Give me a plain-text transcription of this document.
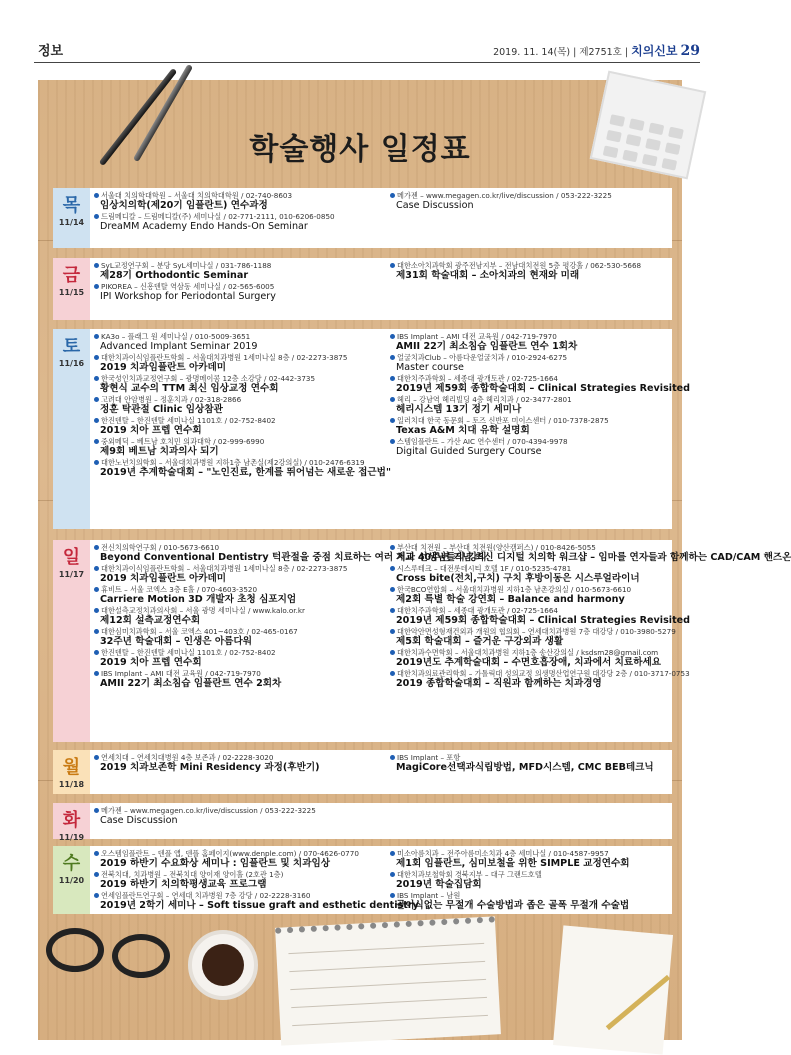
정보	2019. 11. 14(목) | 제2751호 | 치의신보 29
학술행사 일정표
목
11/14
서울대 치의학대학원 – 서울대 치의학대학원 / 02-740-8603
임상치의학(제20기 임플란트) 연수과정
드림메디칼 – 드림메디칼(주) 세미나실 / 02-771-2111, 010-6206-0850
DreaMM Academy Endo Hands-On Seminar
메가젠 – www.megagen.co.kr/live/discussion / 053-222-3225
Case Discussion
금
11/15
SyL교정연구회 – 분당 SyL세미나실 / 031-786-1188
제28기 Orthodontic Seminar
PIKOREA – 신흥덴탈 역삼동 세미나실 / 02-565-6005
IPI Workshop for Periodontal Surgery
대한소아치과학회 광주전남지부 – 전남대치전원 5층 평강홀 / 062-530-5668
제31회 학술대회 – 소아치과의 현재와 미래
토
11/16
KA3o – 플래그 원 세미나실 / 010-5009-3651
Advanced Implant Seminar 2019
대한치과이식임플란트학회 – 서울대치과병원 1세미나실 8층 / 02-2273-3875
2019 치과임플란트 아카데미
한국성인치과교정연구회 – 광명메이콤 12층 소강당 / 02-442-3735
황현식 교수의 TTM 최신 임상교정 연수회
고려대 안암병원 – 정훈치과 / 02-318-2866
정훈 탁관절 Clinic 임상참관
한진덴탈 – 한진덴탈 세미나실 1101호 / 02-752-8402
2019 치아 프렙 연수회
중외메딕 – 베트남 호치민 의과대학 / 02-999-6990
제9회 베트남 치과의사 되기
대한노년치의학회 – 서울대치과병원 지하1층 남촌실(제2강의실) / 010-2476-6319
2019년 추계학술대회 – "노인진료, 한계를 뛰어넘는 새로운 접근법"
IBS Implant – AMI 대전 교육원 / 042-719-7970
AMII 22기 최소침습 임플란트 연수 1회차
얼굴치과Club – 아름다운얼굴치과 / 010-2924-6275
Master course
대한치주과학회 – 세종대 광개토관 / 02-725-1664
2019년 제59회 종합학술대회 – Clinical Strategies Revisited
헤리 – 강남역 헤리빌딩 4층 헤리치과 / 02-3477-2801
헤리시스템 13기 정기 세미나
일러치대 한국 동문회 – 토즈 신반포 미이스센터 / 010-7378-2875
Texas A&M 치대 유학 설명회
스템임플란트 – 가산 AIC 연수센터 / 070-4394-9978
Digital Guided Surgery Course
일
11/17
전신치의학연구회 / 010-5673-6610
Beyond Conventional Dentistry 턱관절을 중점 치료하는 여러 치과 선생님들의 강의
대한치과이식임플란트학회 – 서울대치과병원 1세미나실 8층 / 02-2273-3875
2019 치과임플란트 아카데미
휴비트 – 서울 코엑스 3층 E홀 / 070-4603-3520
Carriere Motion 3D 개발자 초청 심포지엄
대한설측교정치과의사회 – 서울 광명 세미나실 / www.kalo.or.kr
제12회 설측교정연수회
대한심미치과학회 – 서울 코엑스 401~403호 / 02-465-0167
32주년 학술대회 – 인생은 아름다워
한진덴탈 – 한진덴탈 세미나실 1101호 / 02-752-8402
2019 치아 프렙 연수회
IBS Implant – AMI 대전 교육원 / 042-719-7970
AMII 22기 최소침습 임플란트 연수 2회차
부산대 치전원 – 부산대 치전원(양산캠퍼스) / 010-8426-5055
개교 40주년 기념 최신 디지털 치의학 워크샵 – 임마를 연자들과 함께하는 CAD/CAM 핸즈온
시스루테크 – 대전롯데시티 호텔 1F / 010-5235-4781
Cross bite(전치,구치) 구치 후방이동은 시스루얼라이너
한국BCO연합회 – 서울대치과병원 지하1층 남촌강의실 / 010-5673-6610
제2회 특별 학술 강연회 – Balance and harmony
대한치주과학회 – 세종대 광개토관 / 02-725-1664
2019년 제59회 종합학술대회 – Clinical Strategies Revisited
대한악안면성형재건외과 개원의 협의회 – 연세대치과병원 7층 대강당 / 010-3980-5279
제5회 학술대회 – 즐거운 구강외과 생활
대한치과수면학회 – 서울대치과병원 지하1층 송산강의실 / ksdsm28@gmail.com
2019년도 추계학술대회 – 수면호흡장애, 치과에서 치료하세요
대한치과의료관리학회 – 가톨릭대 성의교정 의생명산업연구원 대강당 2층 / 010-3717-0753
2019 종합학술대회 – 직원과 함께하는 치과경영
월
11/18
연세치대 – 연세치대병원 4층 보존과 / 02-2228-3020
2019 치과보존학 Mini Residency 과정(후반기)
IBS Implant – 포항
MagiCore선택과식립방법, MFD시스템, CMC BEB테크닉
화
11/19
메가젠 – www.megagen.co.kr/live/discussion / 053-222-3225
Case Discussion
수
11/20
오스템임플란트 – 덴플 앱, 덴플 홈페이지(www.denple.com) / 070-4626-0770
2019 하반기 수요화상 세미나 : 임플란트 및 치과임상
전북치대, 치과병원 – 전북치대 양이재 양이홀 (2호관 1층)
2019 하반기 치의학평생교육 프로그램
연세임플란트연구회 – 연세대 치과병원 7층 강당 / 02-2228-3160
2019년 2학기 세미나 – Soft tissue graft and esthetic dentistry
미소아름치과 – 전주아름미소치과 4층 세미나실 / 010-4587-9957
제1회 임플란트, 심미보철을 위한 SIMPLE 교정연수회
대한치과보철학회 경북지부 – 대구 그랜드호텔
2019년 학술집담회
IBS Implant – 남원
골이식없는 무절개 수술방법과 좁은 골폭 무절개 수술법
